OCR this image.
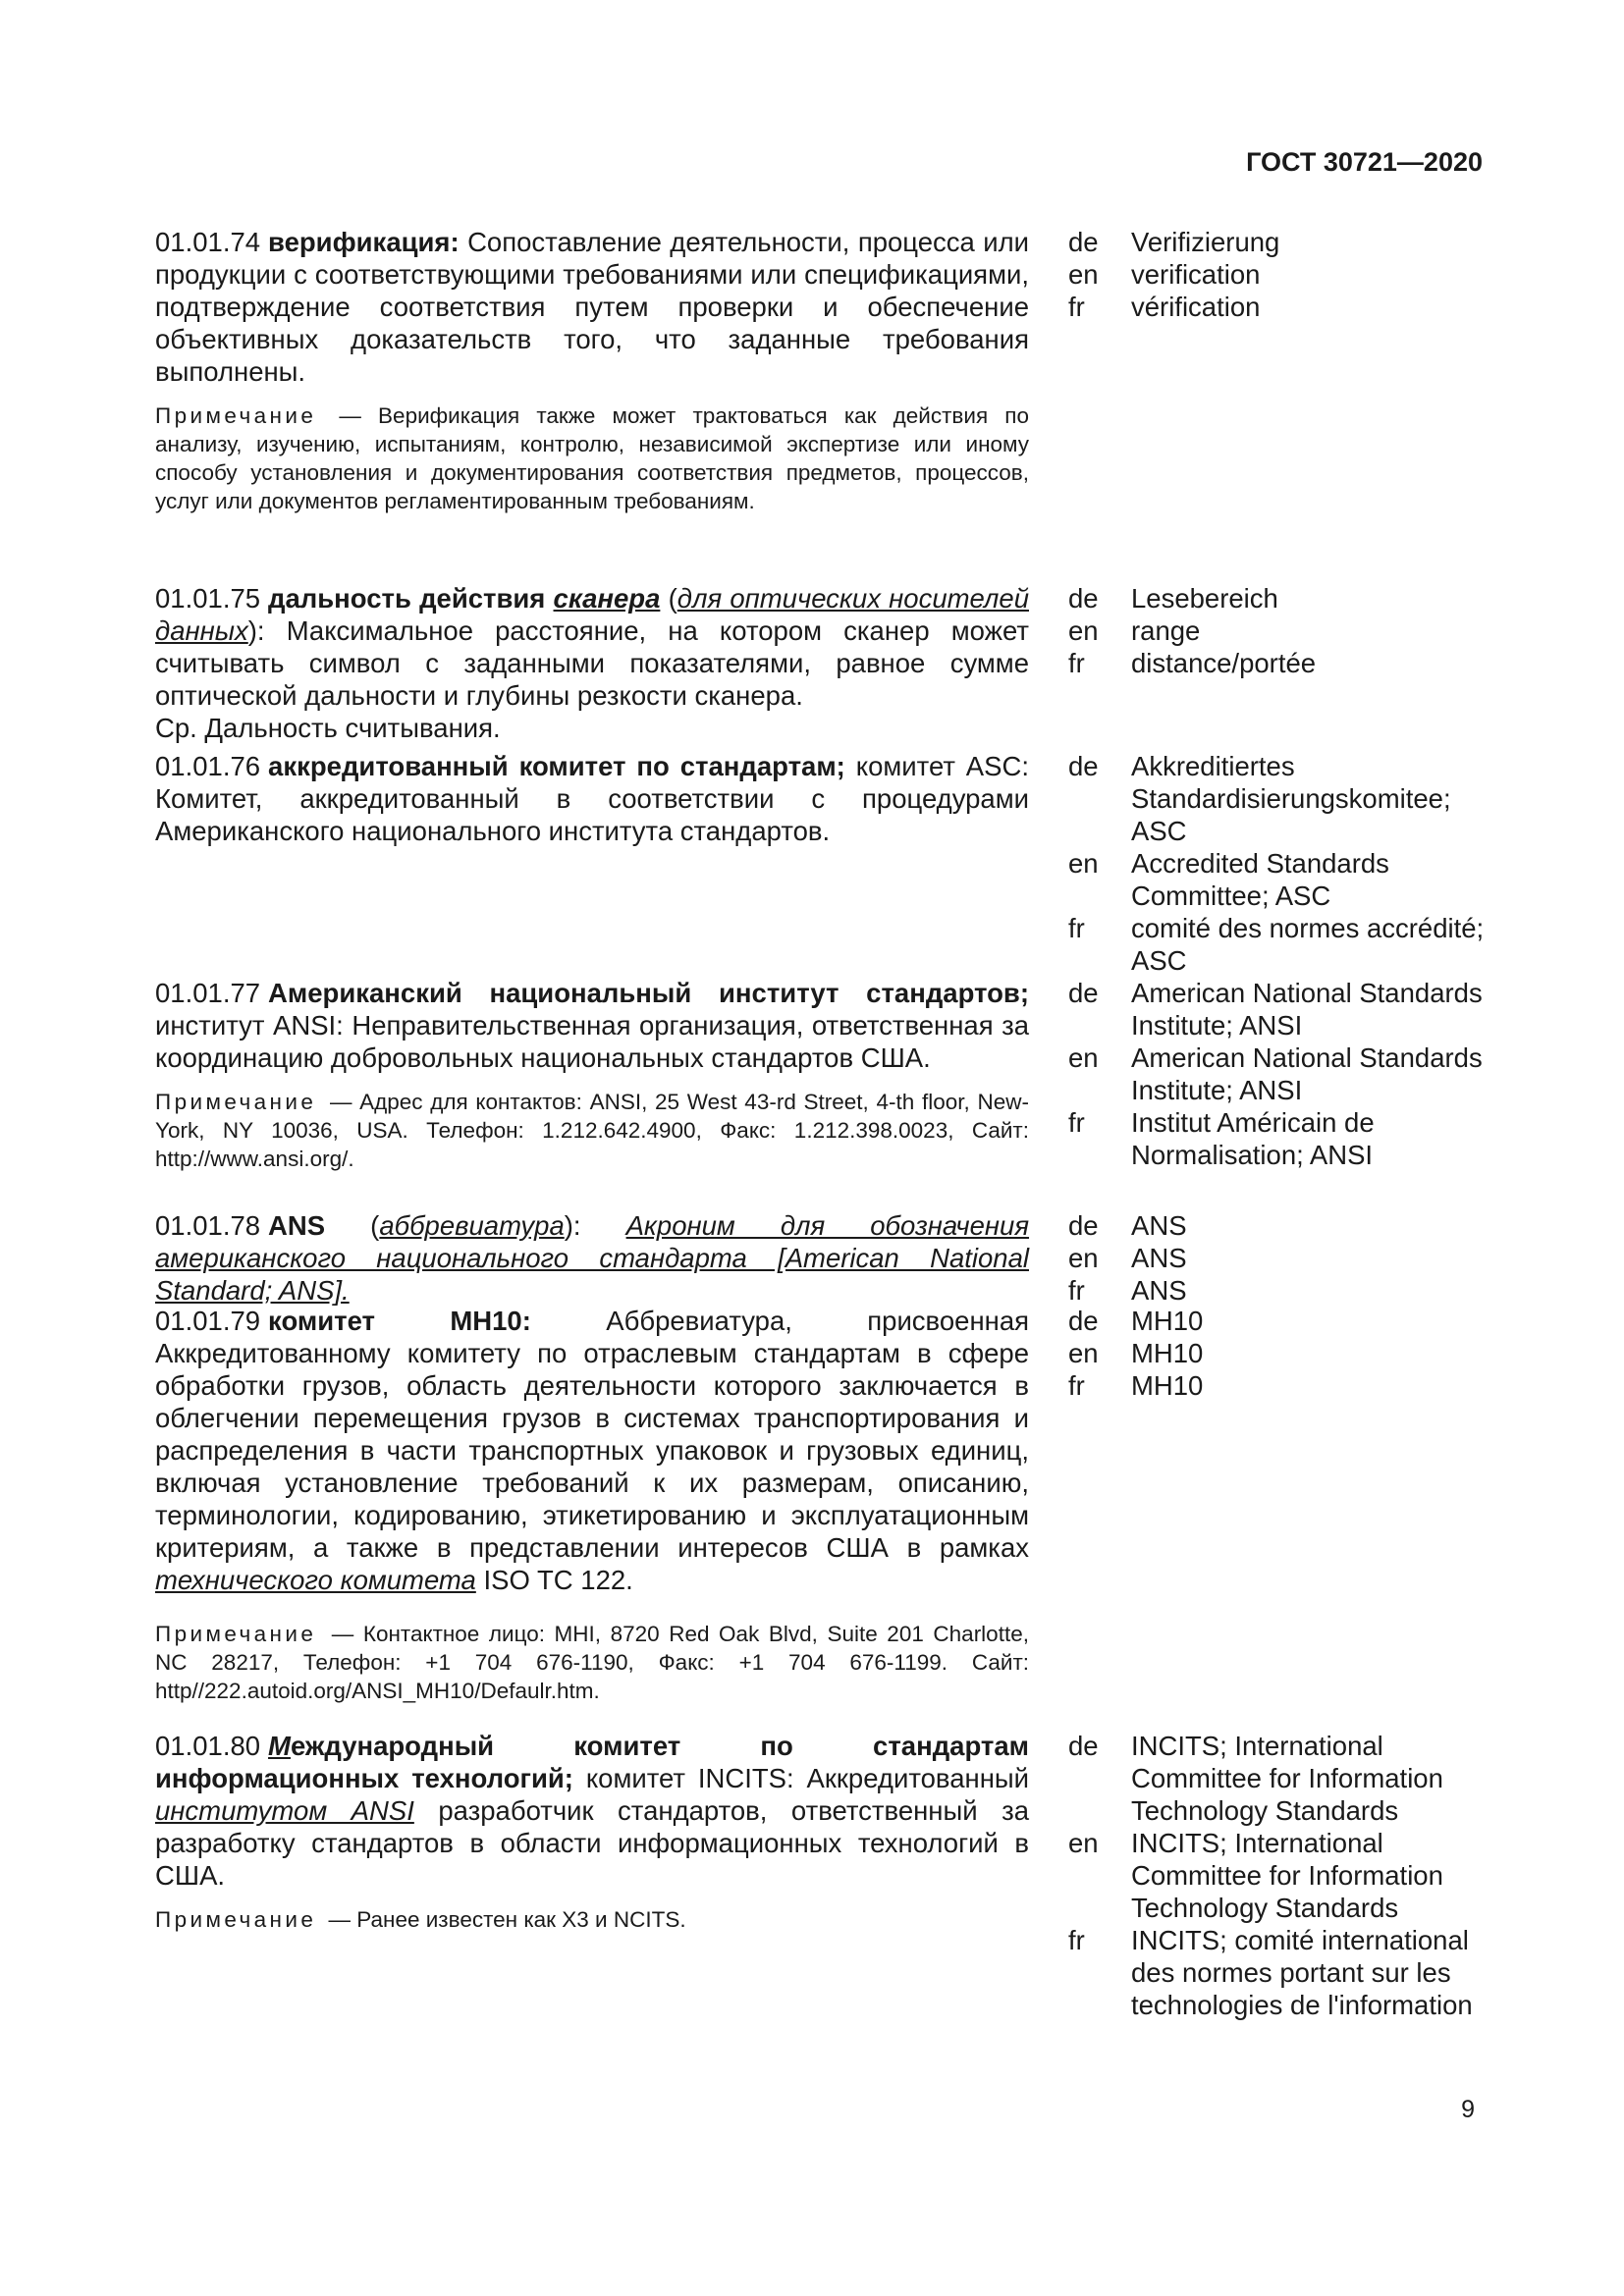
ГОСТ 30721—2020
01.01.74 верификация: Сопоставление деятельности, процесса или продукции с соответствующими требованиями или спецификациями, подтверждение соответствия путем проверки и обеспечение объективных доказательств того, что заданные требования выполнены.
Примечание — Верификация также может трактоваться как действия по анализу, изучению, испытаниям, контролю, независимой экспертизе или иному способу установления и документирования соответствия предметов, процессов, услуг или документов регламентированным требованиям.
de	Verifizierung
en	verification
fr	vérification
01.01.75 дальность действия сканера (для оптических носителей данных): Максимальное расстояние, на котором сканер может считывать символ с заданными показателями, равное сумме оптической дальности и глубины резкости сканера.
Ср. Дальность считывания.
de	Lesebereich
en	range
fr	distance/portée
01.01.76 аккредитованный комитет по стандартам; комитет ASC: Комитет, аккредитованный в соответствии с процедурами Американского национального института стандартов.
de	Akkreditiertes Standardisierungskomitee; ASC
en	Accredited Standards Committee; ASC
fr	comité des normes accrédité; ASC
01.01.77 Американский национальный институт стандартов; институт ANSI: Неправительственная организация, ответственная за координацию добровольных национальных стандартов США.
Примечание — Адрес для контактов: ANSI, 25 West 43-rd Street, 4-th floor, New-York, NY 10036, USA. Телефон: 1.212.642.4900, Факс: 1.212.398.0023, Сайт: http://www.ansi.org/.
de	American National Standards Institute; ANSI
en	American National Standards Institute; ANSI
fr	Institut Américain de Normalisation; ANSI
01.01.78 ANS (аббревиатура): Акроним для обозначения американского национального стандарта [American National Standard; ANS].
de	ANS
en	ANS
fr	ANS
01.01.79 комитет МН10:	Аббревиатура, присвоенная Аккредитованному комитету по отраслевым стандартам в сфере обработки грузов, область деятельности которого заключается в облегчении перемещения грузов в системах транспортирования и распределения в части транспортных упаковок и грузовых единиц, включая установление требований к их размерам, описанию, терминологии, кодированию, этикетированию и эксплуатационным критериям, а также в представлении интересов США в рамках технического комитета ISO TC 122.
Примечание — Контактное лицо: MHI, 8720 Red Oak Blvd, Suite 201 Charlotte, NC 28217, Телефон: +1 704 676-1190, Факс: +1 704 676-1199. Сайт: http//222.autoid.org/ANSI_MH10/Defaulr.htm.
de	MH10
en	MH10
fr	MH10
01.01.80 Международный комитет по стандартам информационных технологий; комитет INCITS: Аккредитованный институтом ANSI разработчик стандартов, ответственный за разработку стандартов в области информационных технологий в США.
Примечание — Ранее известен как X3 и NCITS.
de	INCITS; International Committee for Information Technology Standards
en	INCITS; International Committee for Information Technology Standards
fr	INCITS; comité international des normes portant sur les technologies de l'information
9
